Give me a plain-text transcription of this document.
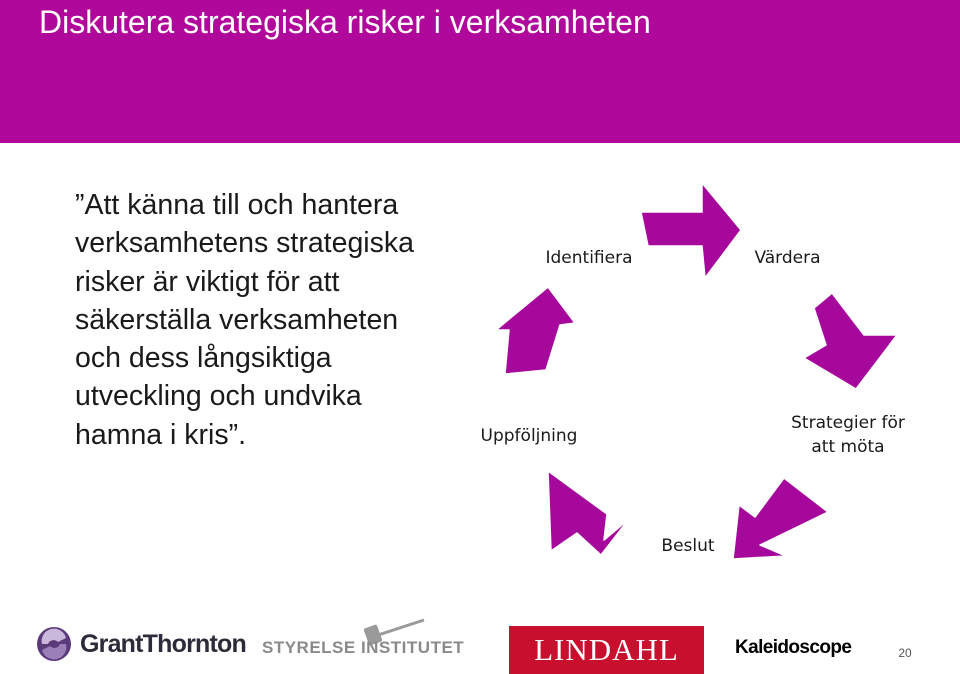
Diskutera strategiska risker i verksamheten
”Att känna till och hantera
verksamhetens strategiska
risker är viktigt för att
säkerställa verksamheten
och dess långsiktiga
utveckling och undvika
hamna i kris”.
Identifiera	Värdera
Strategier för
att möta
Beslut
Uppföljning
GrantThornton STYRELSE INSTITUTET	LINDAHL	Kaleidoscope	20
